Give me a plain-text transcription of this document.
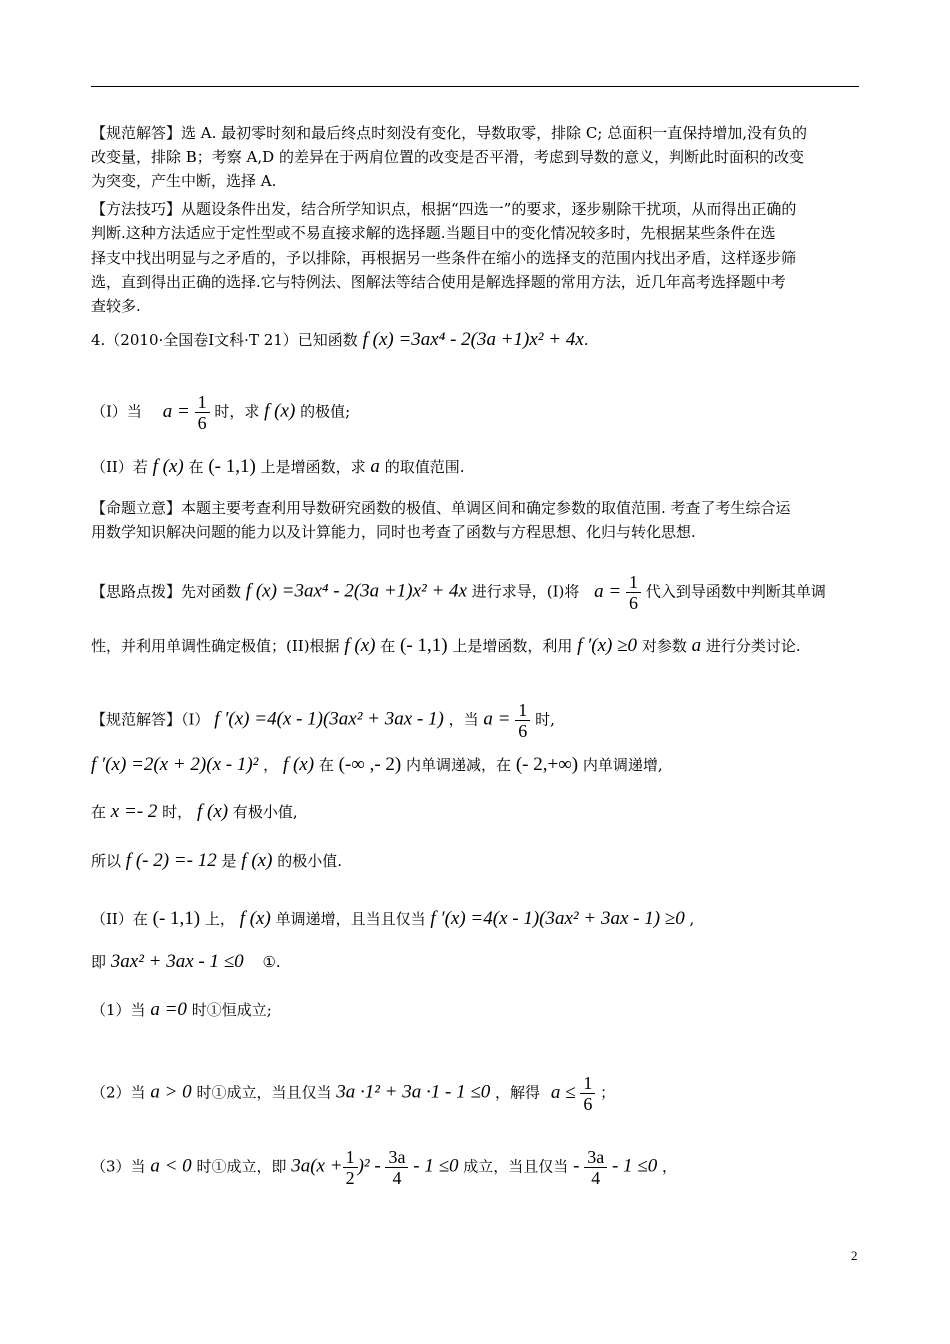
【规范解答】选 A. 最初零时刻和最后终点时刻没有变化，导数取零，排除 C; 总面积一直保持增加,没有负的
改变量，排除 B；考察 A,D 的差异在于两肩位置的改变是否平滑，考虑到导数的意义，判断此时面积的改变
为突变，产生中断，选择 A.
【方法技巧】从题设条件出发，结合所学知识点，根据“四选一”的要求，逐步剔除干扰项，从而得出正确的
判断.这种方法适应于定性型或不易直接求解的选择题.当题目中的变化情况较多时，先根据某些条件在选
择支中找出明显与之矛盾的，予以排除，再根据另一些条件在缩小的选择支的范围内找出矛盾，这样逐步筛
选，直到得出正确的选择.它与特例法、图解法等结合使用是解选择题的常用方法，近几年高考选择题中考
查较多.
4.（2010·全国卷Ⅰ文科·T 21）已知函数 f (x) =3ax⁴ - 2(3a +1)x² + 4x.
（I）当 $a = \frac{1}{6}$ 时，求 f (x) 的极值;
（II）若 f (x) 在 (- 1,1) 上是增函数，求 a 的取值范围.
【命题立意】本题主要考查利用导数研究函数的极值、单调区间和确定参数的取值范围. 考查了考生综合运
用数学知识解决问题的能力以及计算能力，同时也考查了函数与方程思想、化归与转化思想.
【思路点拨】先对函数 f (x) =3ax⁴ - 2(3a +1)x² + 4x 进行求导，(I)将 $a = \frac{1}{6}$ 代入到导函数中判断其单调
性，并利用单调性确定极值；(II)根据 f (x) 在 (- 1,1) 上是增函数，利用 f ′(x) ≥0 对参数 a 进行分类讨论.
【规范解答】（I） f ′(x) =4(x - 1)(3ax² + 3ax - 1) ，当 $a = \frac{1}{6}$ 时,
f ′(x) =2(x + 2)(x - 1)² ， f (x) 在 (-∞ ,- 2) 内单调递减，在 (- 2,+∞) 内单调递增,
在 x =- 2 时， f (x) 有极小值,
所以 f (- 2) =- 12 是 f (x) 的极小值.
（II）在 (- 1,1) 上， f (x) 单调递增，且当且仅当 f ′(x) =4(x - 1)(3ax² + 3ax - 1) ≥0 ,
即 3ax² + 3ax - 1 ≤0 ①.
（1）当 a =0 时①恒成立;
（2）当 a > 0 时①成立，当且仅当 3a ·1² + 3a ·1 - 1 ≤0 ，解得 $a \le \frac{1}{6}$ ；
（3）当 a < 0 时①成立，即 $3a(x + \frac{1}{2} )^2 - \frac{3a}{4} - 1 \le 0$ 成立，当且仅当 - $\frac{3a}{4} - 1 \le 0$ ，
2
